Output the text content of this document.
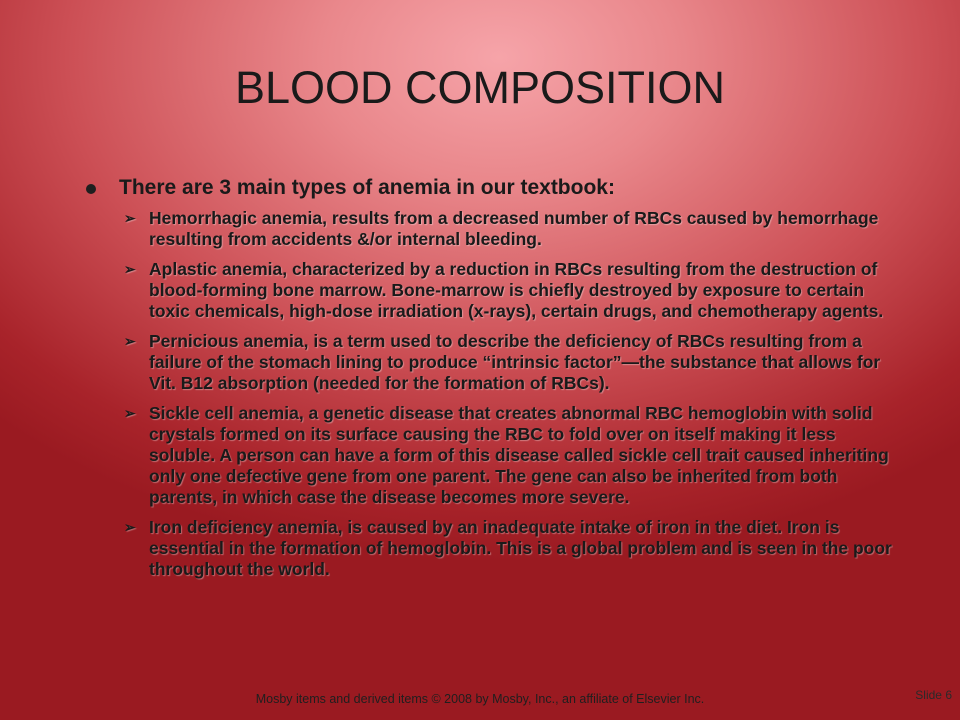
BLOOD COMPOSITION
There are 3 main types of anemia in our textbook:
➢ Hemorrhagic anemia, results from a decreased number of RBCs caused by hemorrhage resulting from accidents &/or internal bleeding.
➢ Aplastic anemia, characterized by a reduction in RBCs resulting from the destruction of blood-forming bone marrow. Bone-marrow is chiefly destroyed by exposure to certain toxic chemicals, high-dose irradiation (x-rays), certain drugs, and chemotherapy agents.
➢ Pernicious anemia, is a term used to describe the deficiency of RBCs resulting from a failure of the stomach lining to produce “intrinsic factor”—the substance that allows for Vit. B12 absorption (needed for the formation of RBCs).
➢ Sickle cell anemia, a genetic disease that creates abnormal RBC hemoglobin with solid crystals formed on its surface causing the RBC to fold over on itself making it less soluble. A person can have a form of this disease called sickle cell trait caused inheriting only one defective gene from one parent. The gene can also be inherited from both parents, in which case the disease becomes more severe.
➢ Iron deficiency anemia, is caused by an inadequate intake of iron in the diet. Iron is essential in the formation of hemoglobin. This is a global problem and is seen in the poor throughout the world.
Mosby items and derived items © 2008 by Mosby, Inc., an affiliate of Elsevier Inc.	Slide 6
